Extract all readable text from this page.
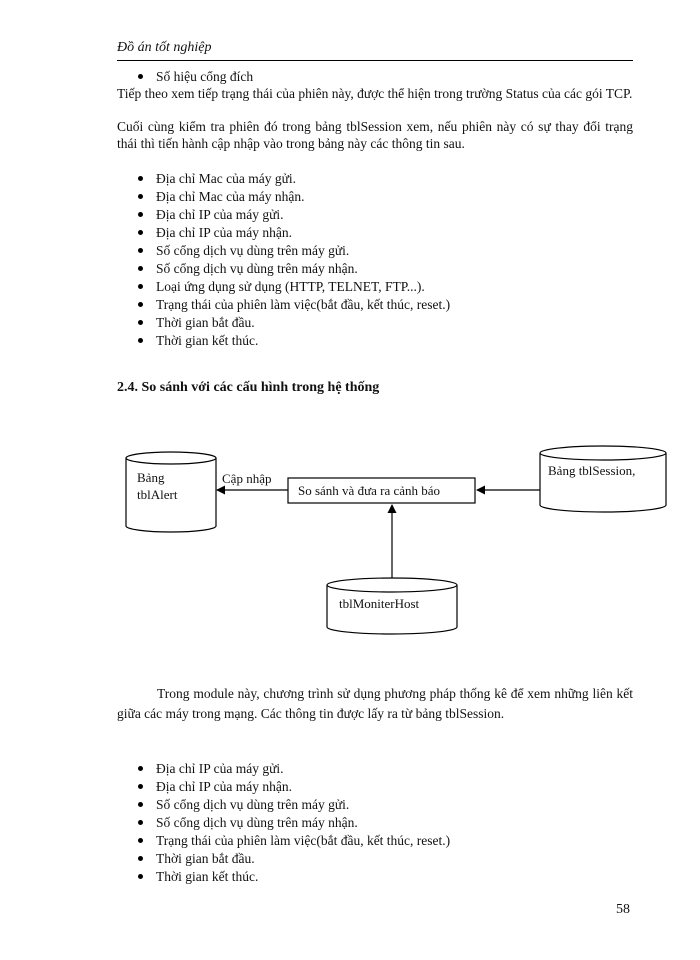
Đồ án tốt nghiệp
Số hiệu cổng đích
Tiếp theo xem tiếp trạng thái của phiên này, được thể hiện trong trường Status của các gói TCP.
Cuối cùng kiểm tra phiên đó trong bảng tblSession xem, nếu phiên này có sự thay đổi trạng thái thì tiến hành cập nhập vào trong bảng này các thông tin sau.
Địa chỉ Mac của máy gửi.
Địa chỉ Mac của máy nhận.
Địa chỉ IP của máy gửi.
Địa chỉ IP của máy nhận.
Số cổng dịch vụ dùng trên máy gửi.
Số cổng dịch vụ dùng trên máy nhận.
Loại ứng dụng sử dụng (HTTP, TELNET, FTP...).
Trạng thái của phiên làm việc(bắt đầu, kết thúc, reset.)
Thời gian bắt đầu.
Thời gian kết thúc.
2.4. So sánh với các cấu hình trong hệ thống
Bảng
tblAlert	So sánh và đưa ra cảnh báo
Cập nhập
Bảng tblSession,
tblMoniterHost
Trong module này, chương trình sử dụng phương pháp thống kê để xem những liên kết giữa các máy trong mạng. Các thông tin được lấy ra từ bảng tblSession.
Địa chỉ IP của máy gửi.
Địa chỉ IP của máy nhận.
Số cổng dịch vụ dùng trên máy gửi.
Số cổng dịch vụ dùng trên máy nhận.
Trạng thái của phiên làm việc(bắt đầu, kết thúc, reset.)
Thời gian bắt đầu.
Thời gian kết thúc.
58
